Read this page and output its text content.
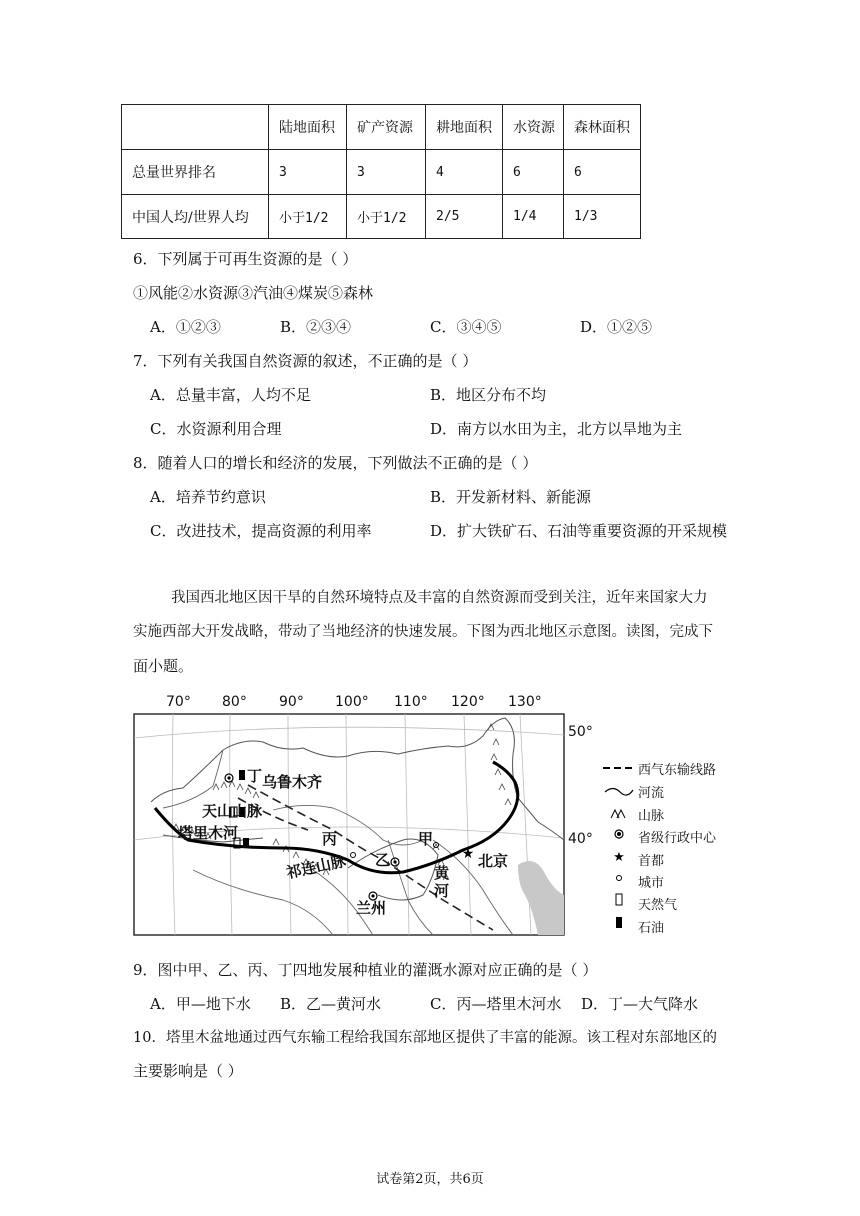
	陆地面积	矿产资源	耕地面积	水资源	森林面积
总量世界排名	3	3	4	6	6
中国人均/世界人均	小于1/2	小于1/2	2/5	1/4	1/3
6．下列属于可再生资源的是（ ）
①风能②水资源③汽油④煤炭⑤森林
A．①②③	B．②③④	C．③④⑤	D．①②⑤
7．下列有关我国自然资源的叙述，不正确的是（ ）
A．总量丰富，人均不足	B．地区分布不均
C．水资源利用合理	D．南方以水田为主，北方以旱地为主
8．随着人口的增长和经济的发展，下列做法不正确的是（ ）
A．培养节约意识	B．开发新材料、新能源
C．改进技术，提高资源的利用率	D．扩大铁矿石、石油等重要资源的开采规模
我国西北地区因干旱的自然环境特点及丰富的自然资源而受到关注，近年来国家大力
实施西部大开发战略，带动了当地经济的快速发展。下图为西北地区示意图。读图，完成下
面小题。
70° 80° 90° 100° 110° 120° 130°
★	★
丁 乌鲁木齐
天山山脉
塔里木河	丙	甲
乙	北京
祁连山脉	黄
河
兰州
50°
40°
西气东输线路
河流
山脉
省级行政中心
首都
城市
天然气
石油
9．图中甲、乙、丙、丁四地发展种植业的灌溉水源对应正确的是（ ）
A．甲—地下水 B．乙—黄河水	C．丙—塔里木河水 D．丁—大气降水
10．塔里木盆地通过西气东输工程给我国东部地区提供了丰富的能源。该工程对东部地区的
主要影响是（ ）
试卷第2页，共6页
